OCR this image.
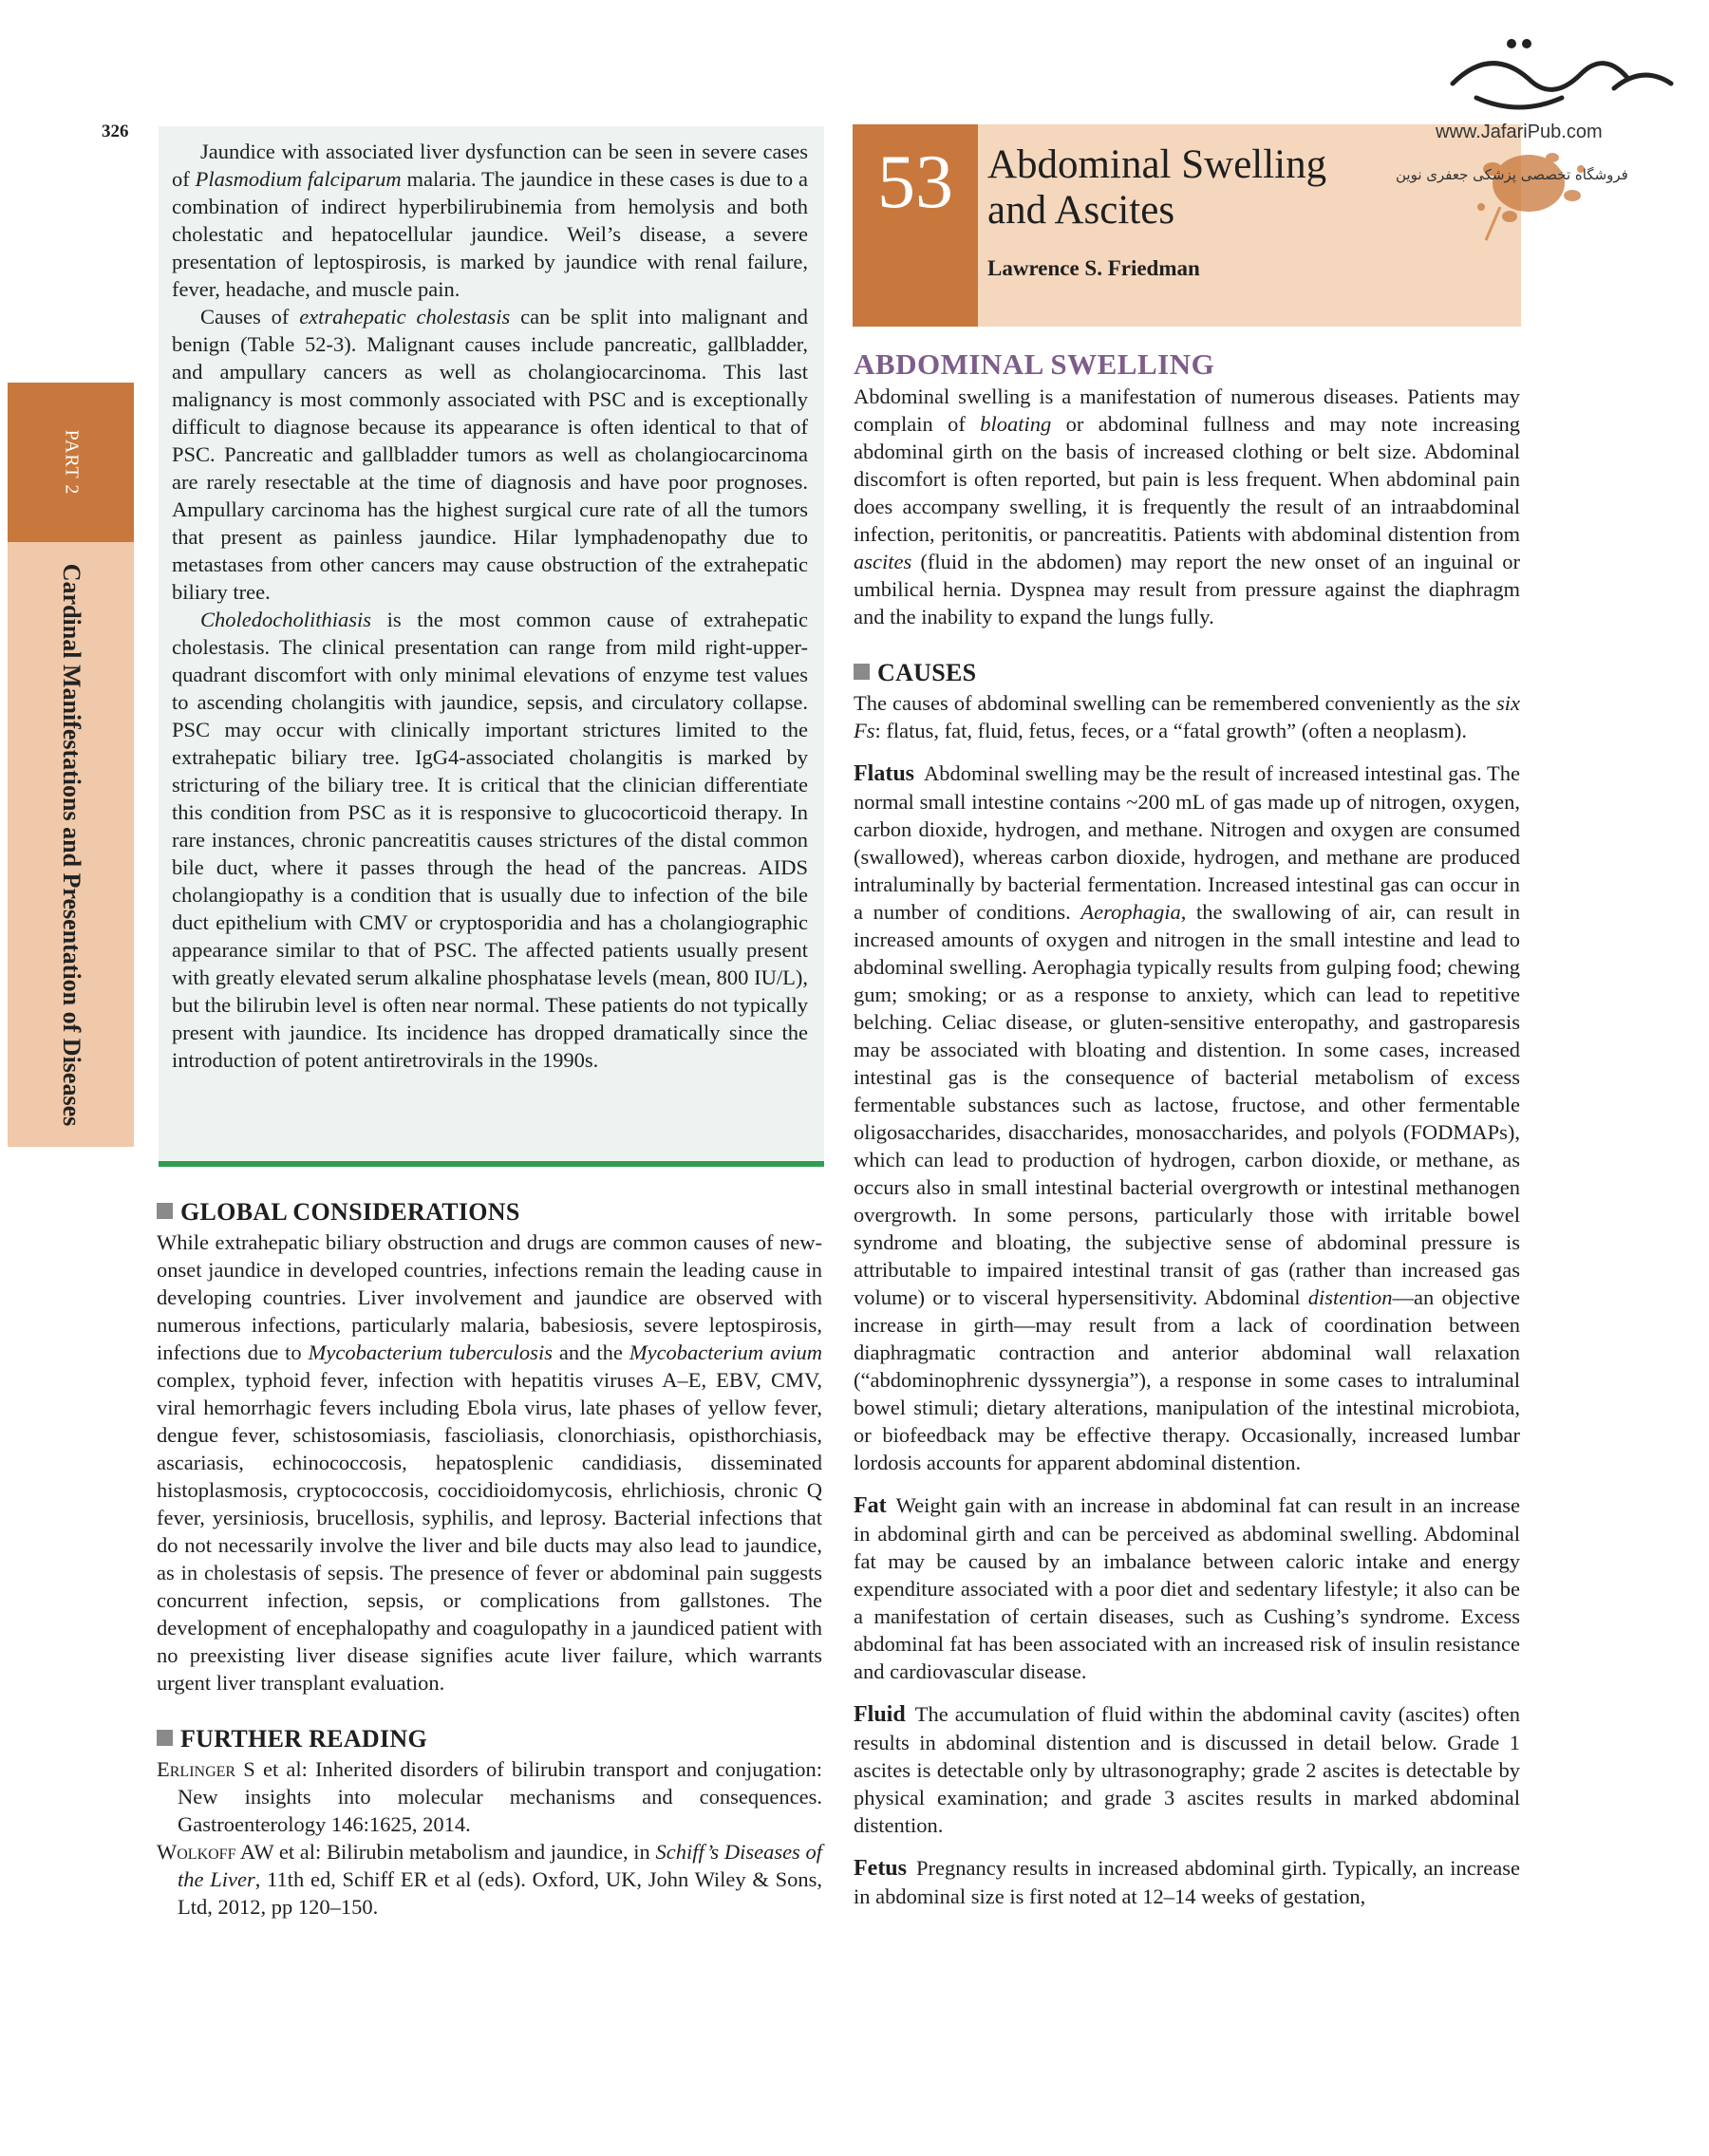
326
PART 2
Cardinal Manifestations and Presentation of Diseases

Jaundice with associated liver dysfunction can be seen in severe cases of Plasmodium falciparum malaria. The jaundice in these cases is due to a combination of indirect hyperbilirubinemia from hemolysis and both cholestatic and hepatocellular jaundice. Weil’s disease, a severe presentation of leptospirosis, is marked by jaundice with renal failure, fever, headache, and muscle pain.

Causes of extrahepatic cholestasis can be split into malignant and benign (Table 52-3). Malignant causes include pancreatic, gallbladder, and ampullary cancers as well as cholangiocarcinoma. This last malignancy is most commonly associated with PSC and is exceptionally difficult to diagnose because its appearance is often identical to that of PSC. Pancreatic and gallbladder tumors as well as cholangiocarcinoma are rarely resectable at the time of diagnosis and have poor prognoses. Ampullary carcinoma has the highest surgical cure rate of all the tumors that present as painless jaundice. Hilar lymphadenopathy due to metastases from other cancers may cause obstruction of the extrahepatic biliary tree.

Choledocholithiasis is the most common cause of extrahepatic cholestasis. The clinical presentation can range from mild right-upper-quadrant discomfort with only minimal elevations of enzyme test values to ascending cholangitis with jaundice, sepsis, and circulatory collapse. PSC may occur with clinically important strictures limited to the extrahepatic biliary tree. IgG4-associated cholangitis is marked by stricturing of the biliary tree. It is critical that the clinician differentiate this condition from PSC as it is responsive to glucocorticoid therapy. In rare instances, chronic pancreatitis causes strictures of the distal common bile duct, where it passes through the head of the pancreas. AIDS cholangiopathy is a condition that is usually due to infection of the bile duct epithelium with CMV or cryptosporidia and has a cholangiographic appearance similar to that of PSC. The affected patients usually present with greatly elevated serum alkaline phosphatase levels (mean, 800 IU/L), but the bilirubin level is often near normal. These patients do not typically present with jaundice. Its incidence has dropped dramatically since the introduction of potent antiretrovirals in the 1990s.

GLOBAL CONSIDERATIONS

While extrahepatic biliary obstruction and drugs are common causes of new-onset jaundice in developed countries, infections remain the leading cause in developing countries. Liver involvement and jaundice are observed with numerous infections, particularly malaria, babesiosis, severe leptospirosis, infections due to Mycobacterium tuberculosis and the Mycobacterium avium complex, typhoid fever, infection with hepatitis viruses A–E, EBV, CMV, viral hemorrhagic fevers including Ebola virus, late phases of yellow fever, dengue fever, schistosomiasis, fascioliasis, clonorchiasis, opisthorchiasis, ascariasis, echinococcosis, hepatosplenic candidiasis, disseminated histoplasmosis, cryptococcosis, coccidioidomycosis, ehrlichiosis, chronic Q fever, yersiniosis, brucellosis, syphilis, and leprosy. Bacterial infections that do not necessarily involve the liver and bile ducts may also lead to jaundice, as in cholestasis of sepsis. The presence of fever or abdominal pain suggests concurrent infection, sepsis, or complications from gallstones. The development of encephalopathy and coagulopathy in a jaundiced patient with no preexisting liver disease signifies acute liver failure, which warrants urgent liver transplant evaluation.

FURTHER READING

Erlinger S et al: Inherited disorders of bilirubin transport and conjugation: New insights into molecular mechanisms and consequences. Gastroenterology 146:1625, 2014.

Wolkoff AW et al: Bilirubin metabolism and jaundice, in Schiff’s Diseases of the Liver, 11th ed, Schiff ER et al (eds). Oxford, UK, John Wiley & Sons, Ltd, 2012, pp 120–150.

53 Abdominal Swelling
and Ascites
Lawrence S. Friedman
www.JafariPub.com
فروشگاه تخصصی پزشکی جعفری نوین
ABDOMINAL SWELLING

Abdominal swelling is a manifestation of numerous diseases. Patients may complain of bloating or abdominal fullness and may note increasing abdominal girth on the basis of increased clothing or belt size. Abdominal discomfort is often reported, but pain is less frequent. When abdominal pain does accompany swelling, it is frequently the result of an intraabdominal infection, peritonitis, or pancreatitis. Patients with abdominal distention from ascites (fluid in the abdomen) may report the new onset of an inguinal or umbilical hernia. Dyspnea may result from pressure against the diaphragm and the inability to expand the lungs fully.

CAUSES

The causes of abdominal swelling can be remembered conveniently as the six Fs: flatus, fat, fluid, fetus, feces, or a “fatal growth” (often a neoplasm).

Flatus Abdominal swelling may be the result of increased intestinal gas. The normal small intestine contains ~200 mL of gas made up of nitrogen, oxygen, carbon dioxide, hydrogen, and methane. Nitrogen and oxygen are consumed (swallowed), whereas carbon dioxide, hydrogen, and methane are produced intraluminally by bacterial fermentation. Increased intestinal gas can occur in a number of conditions. Aerophagia, the swallowing of air, can result in increased amounts of oxygen and nitrogen in the small intestine and lead to abdominal swelling. Aerophagia typically results from gulping food; chewing gum; smoking; or as a response to anxiety, which can lead to repetitive belching. Celiac disease, or gluten-sensitive enteropathy, and gastroparesis may be associated with bloating and distention. In some cases, increased intestinal gas is the consequence of bacterial metabolism of excess fermentable substances such as lactose, fructose, and other fermentable oligosaccharides, disaccharides, monosaccharides, and polyols (FODMAPs), which can lead to production of hydrogen, carbon dioxide, or methane, as occurs also in small intestinal bacterial overgrowth or intestinal methanogen overgrowth. In some persons, particularly those with irritable bowel syndrome and bloating, the subjective sense of abdominal pressure is attributable to impaired intestinal transit of gas (rather than increased gas volume) or to visceral hypersensitivity. Abdominal distention—an objective increase in girth—may result from a lack of coordination between diaphragmatic contraction and anterior abdominal wall relaxation (“abdominophrenic dyssynergia”), a response in some cases to intraluminal bowel stimuli; dietary alterations, manipulation of the intestinal microbiota, or biofeedback may be effective therapy. Occasionally, increased lumbar lordosis accounts for apparent abdominal distention.

Fat Weight gain with an increase in abdominal fat can result in an increase in abdominal girth and can be perceived as abdominal swelling. Abdominal fat may be caused by an imbalance between caloric intake and energy expenditure associated with a poor diet and sedentary lifestyle; it also can be a manifestation of certain diseases, such as Cushing’s syndrome. Excess abdominal fat has been associated with an increased risk of insulin resistance and cardiovascular disease.

Fluid The accumulation of fluid within the abdominal cavity (ascites) often results in abdominal distention and is discussed in detail below. Grade 1 ascites is detectable only by ultrasonography; grade 2 ascites is detectable by physical examination; and grade 3 ascites results in marked abdominal distention.

Fetus Pregnancy results in increased abdominal girth. Typically, an increase in abdominal size is first noted at 12–14 weeks of gestation,
